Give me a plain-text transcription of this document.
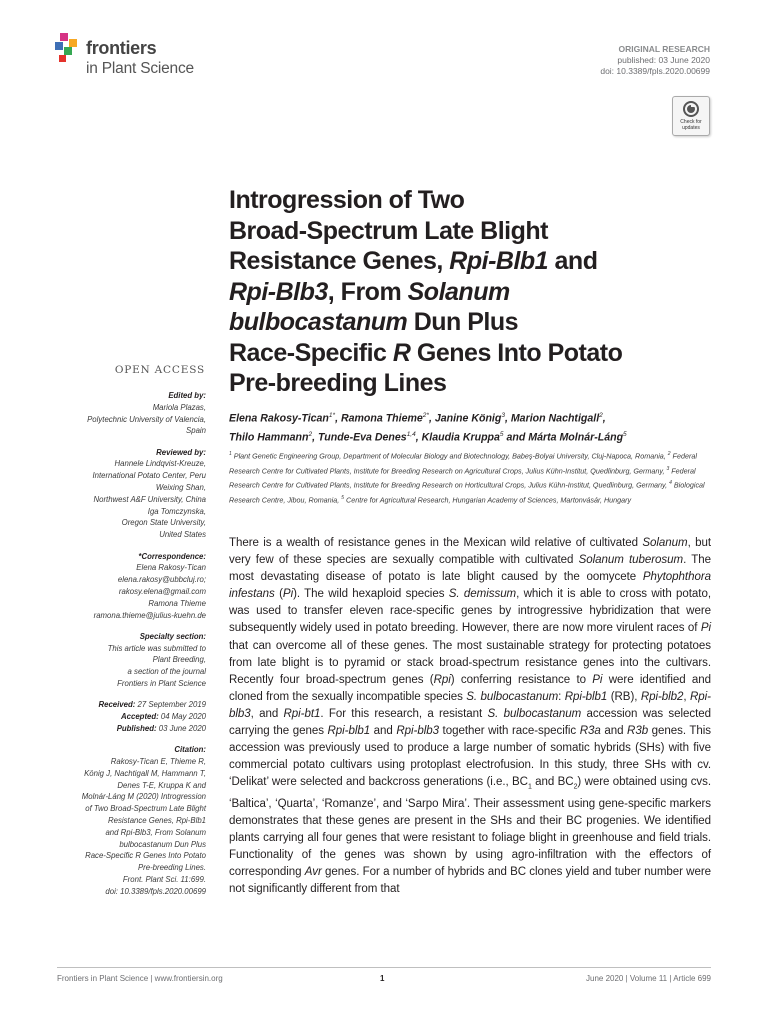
frontiers
in Plant Science
ORIGINAL RESEARCH
published: 03 June 2020
doi: 10.3389/fpls.2020.00699
Check for updates
Introgression of Two
Broad-Spectrum Late Blight
Resistance Genes, Rpi-Blb1 and
Rpi-Blb3, From Solanum
bulbocastanum Dun Plus
Race-Specific R Genes Into Potato
Pre-breeding Lines
Elena Rakosy-Tican$^{1*}$, Ramona Thieme$^{2*}$, Janine König$^3$, Marion Nachtigall$^2$,
Thilo Hammann$^2$, Tunde-Eva Denes$^{1,4}$, Klaudia Kruppa$^5$ and Márta Molnár-Láng$^5$
$^1$ Plant Genetic Engineering Group, Department of Molecular Biology and Biotechnology, Babeş-Bolyai University, Cluj-Napoca, Romania, $^2$ Federal Research Centre for Cultivated Plants, Institute for Breeding Research on Agricultural Crops, Julius Kühn-Institut, Quedlinburg, Germany, $^3$ Federal Research Centre for Cultivated Plants, Institute for Breeding Research on Horticultural Crops, Julius Kühn-Institut, Quedlinburg, Germany, $^4$ Biological Research Centre, Jibou, Romania, $^5$ Centre for Agricultural Research, Hungarian Academy of Sciences, Martonvásár, Hungary
OPEN ACCESS
Edited by:
Mariola Plazas,
Polytechnic University of Valencia,
Spain
Reviewed by:
Hannele Lindqvist-Kreuze,
International Potato Center, Peru
Weixing Shan,
Northwest A&F University, China
Iga Tomczynska,
Oregon State University,
United States
*Correspondence:
Elena Rakosy-Tican
elena.rakosy@ubbcluj.ro;
rakosy.elena@gmail.com
Ramona Thieme
ramona.thieme@julius-kuehn.de
Specialty section:
This article was submitted to
Plant Breeding,
a section of the journal
Frontiers in Plant Science
Received: 27 September 2019
Accepted: 04 May 2020
Published: 03 June 2020
Citation:
Rakosy-Tican E, Thieme R,
König J, Nachtigall M, Hammann T,
Denes T-E, Kruppa K and
Molnár-Láng M (2020) Introgression
of Two Broad-Spectrum Late Blight
Resistance Genes, Rpi-Blb1
and Rpi-Blb3, From Solanum
bulbocastanum Dun Plus
Race-Specific R Genes Into Potato
Pre-breeding Lines.
Front. Plant Sci. 11:699.
doi: 10.3389/fpls.2020.00699
There is a wealth of resistance genes in the Mexican wild relative of cultivated Solanum, but very few of these species are sexually compatible with cultivated Solanum tuberosum. The most devastating disease of potato is late blight caused by the oomycete Phytophthora infestans (Pi). The wild hexaploid species S. demissum, which it is able to cross with potato, was used to transfer eleven race-specific genes by introgressive hybridization that were subsequently widely used in potato breeding. However, there are now more virulent races of Pi that can overcome all of these genes. The most sustainable strategy for protecting potatoes from late blight is to pyramid or stack broad-spectrum resistance genes into the cultivars. Recently four broad-spectrum genes (Rpi) conferring resistance to Pi were identified and cloned from the sexually incompatible species S. bulbocastanum: Rpi-blb1 (RB), Rpi-blb2, Rpi-blb3, and Rpi-bt1. For this research, a resistant S. bulbocastanum accession was selected carrying the genes Rpi-blb1 and Rpi-blb3 together with race-specific R3a and R3b genes. This accession was previously used to produce a large number of somatic hybrids (SHs) with five commercial potato cultivars using protoplast electrofusion. In this study, three SHs with cv. ‘Delikat’ were selected and backcross generations (i.e., $BC_1$ and $BC_2$) were obtained using cvs. ‘Baltica’, ‘Quarta’, ‘Romanze’, and ‘Sarpo Mira’. Their assessment using gene-specific markers demonstrates that these genes are present in the SHs and their BC progenies. We identified plants carrying all four genes that were resistant to foliage blight in greenhouse and field trials. Functionality of the genes was shown by using agro-infiltration with the effectors of corresponding Avr genes. For a number of hybrids and BC clones yield and tuber number were not significantly different from that
Frontiers in Plant Science | www.frontiersin.org	1	June 2020 | Volume 11 | Article 699
